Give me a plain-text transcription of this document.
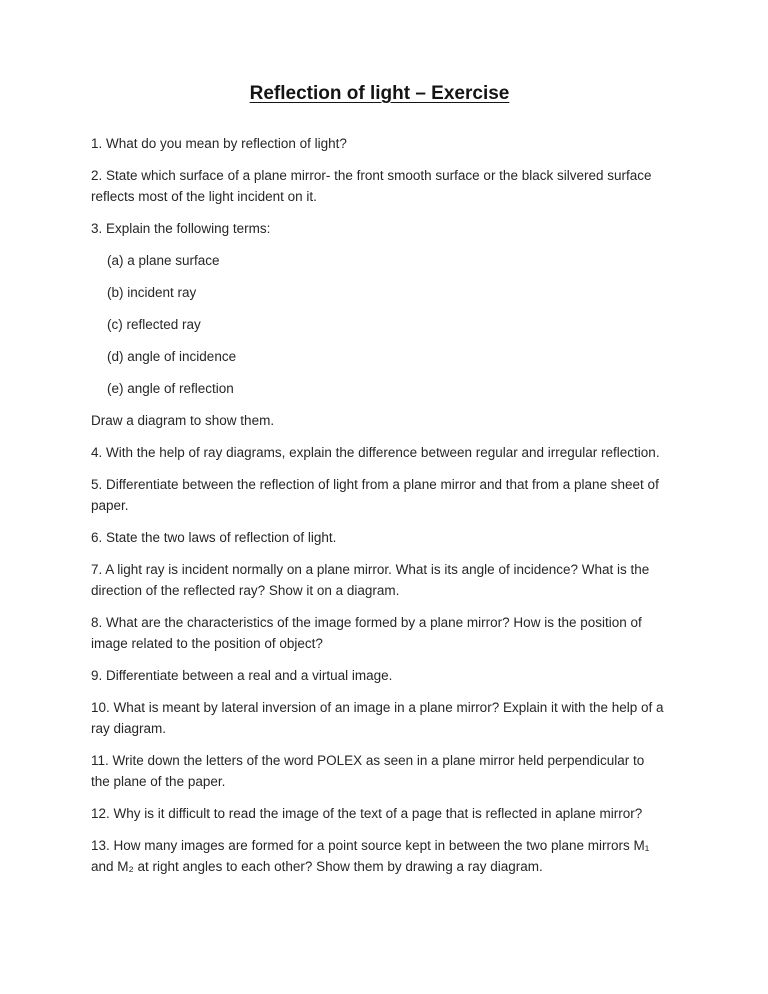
Reflection of light – Exercise

1. What do you mean by reflection of light?

2. State which surface of a plane mirror- the front smooth surface or the black silvered surface reflects most of the light incident on it.

3. Explain the following terms:

(a) a plane surface

(b) incident ray

(c) reflected ray

(d) angle of incidence

(e) angle of reflection

Draw a diagram to show them.

4. With the help of ray diagrams, explain the difference between regular and irregular reflection.

5. Differentiate between the reflection of light from a plane mirror and that from a plane sheet of paper.

6. State the two laws of reflection of light.

7. A light ray is incident normally on a plane mirror. What is its angle of incidence? What is the direction of the reflected ray? Show it on a diagram.

8. What are the characteristics of the image formed by a plane mirror? How is the position of image related to the position of object?

9. Differentiate between a real and a virtual image.

10. What is meant by lateral inversion of an image in a plane mirror? Explain it with the help of a ray diagram.

11. Write down the letters of the word POLEX as seen in a plane mirror held perpendicular to the plane of the paper.

12. Why is it difficult to read the image of the text of a page that is reflected in aplane mirror?

13. How many images are formed for a point source kept in between the two plane mirrors M₁ and M₂ at right angles to each other? Show them by drawing a ray diagram.
